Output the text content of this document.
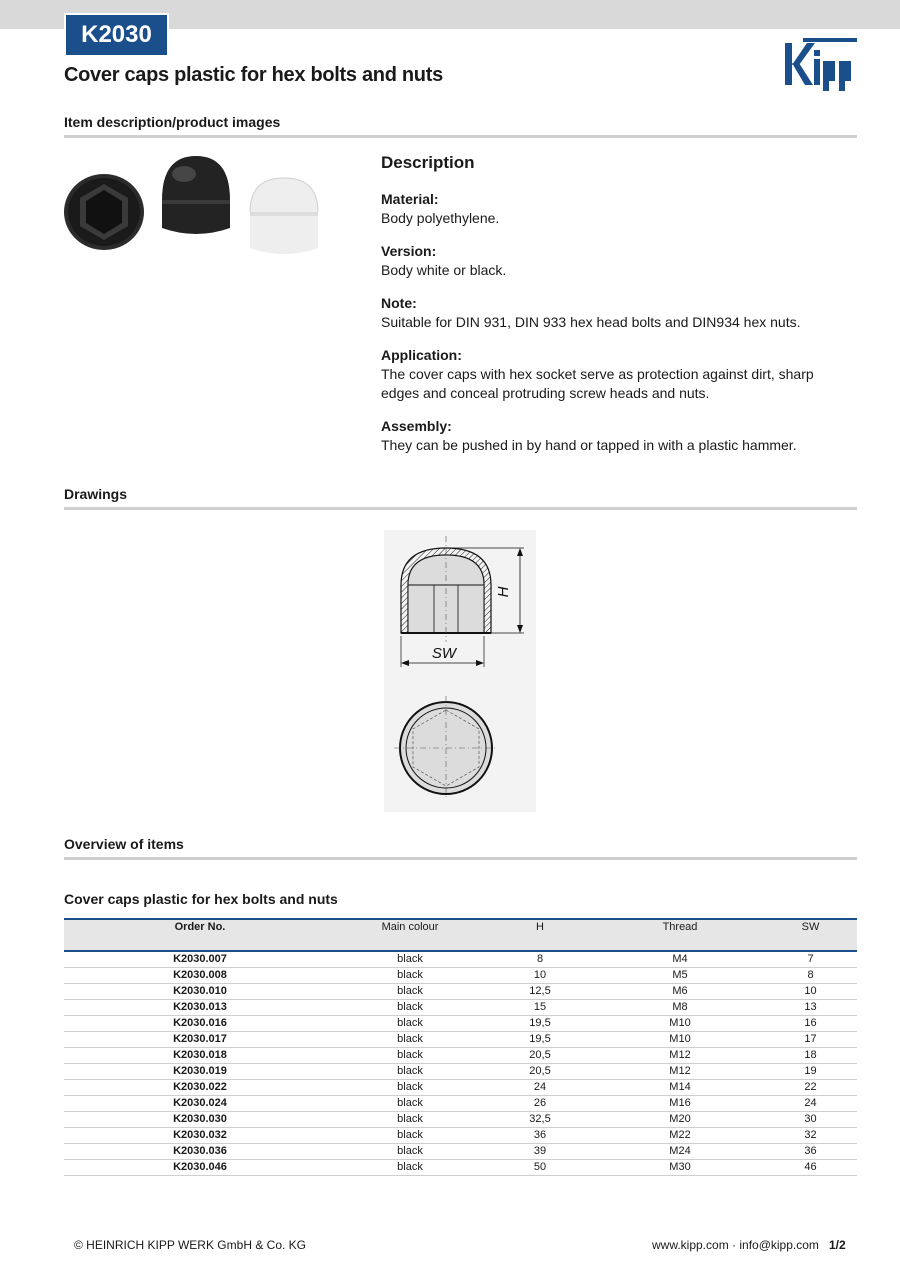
K2030
Cover caps plastic for hex bolts and nuts
Item description/product images
Description
Material:
Body polyethylene.
Version:
Body white or black.
Note:
Suitable for DIN 931, DIN 933 hex head bolts and DIN934 hex nuts.
Application:
The cover caps with hex socket serve as protection against dirt, sharp edges and conceal protruding screw heads and nuts.
Assembly:
They can be pushed in by hand or tapped in with a plastic hammer.
Drawings
H
SW
Overview of items
Cover caps plastic for hex bolts and nuts
Order No.	Main colour	H	Thread	SW
K2030.007	black	8	M4	7
K2030.008	black	10	M5	8
K2030.010	black	12,5	M6	10
K2030.013	black	15	M8	13
K2030.016	black	19,5	M10	16
K2030.017	black	19,5	M10	17
K2030.018	black	20,5	M12	18
K2030.019	black	20,5	M12	19
K2030.022	black	24	M14	22
K2030.024	black	26	M16	24
K2030.030	black	32,5	M20	30
K2030.032	black	36	M22	32
K2030.036	black	39	M24	36
K2030.046	black	50	M30	46
© HEINRICH KIPP WERK GmbH & Co. KG	www.kipp.com · info@kipp.com 1/2
